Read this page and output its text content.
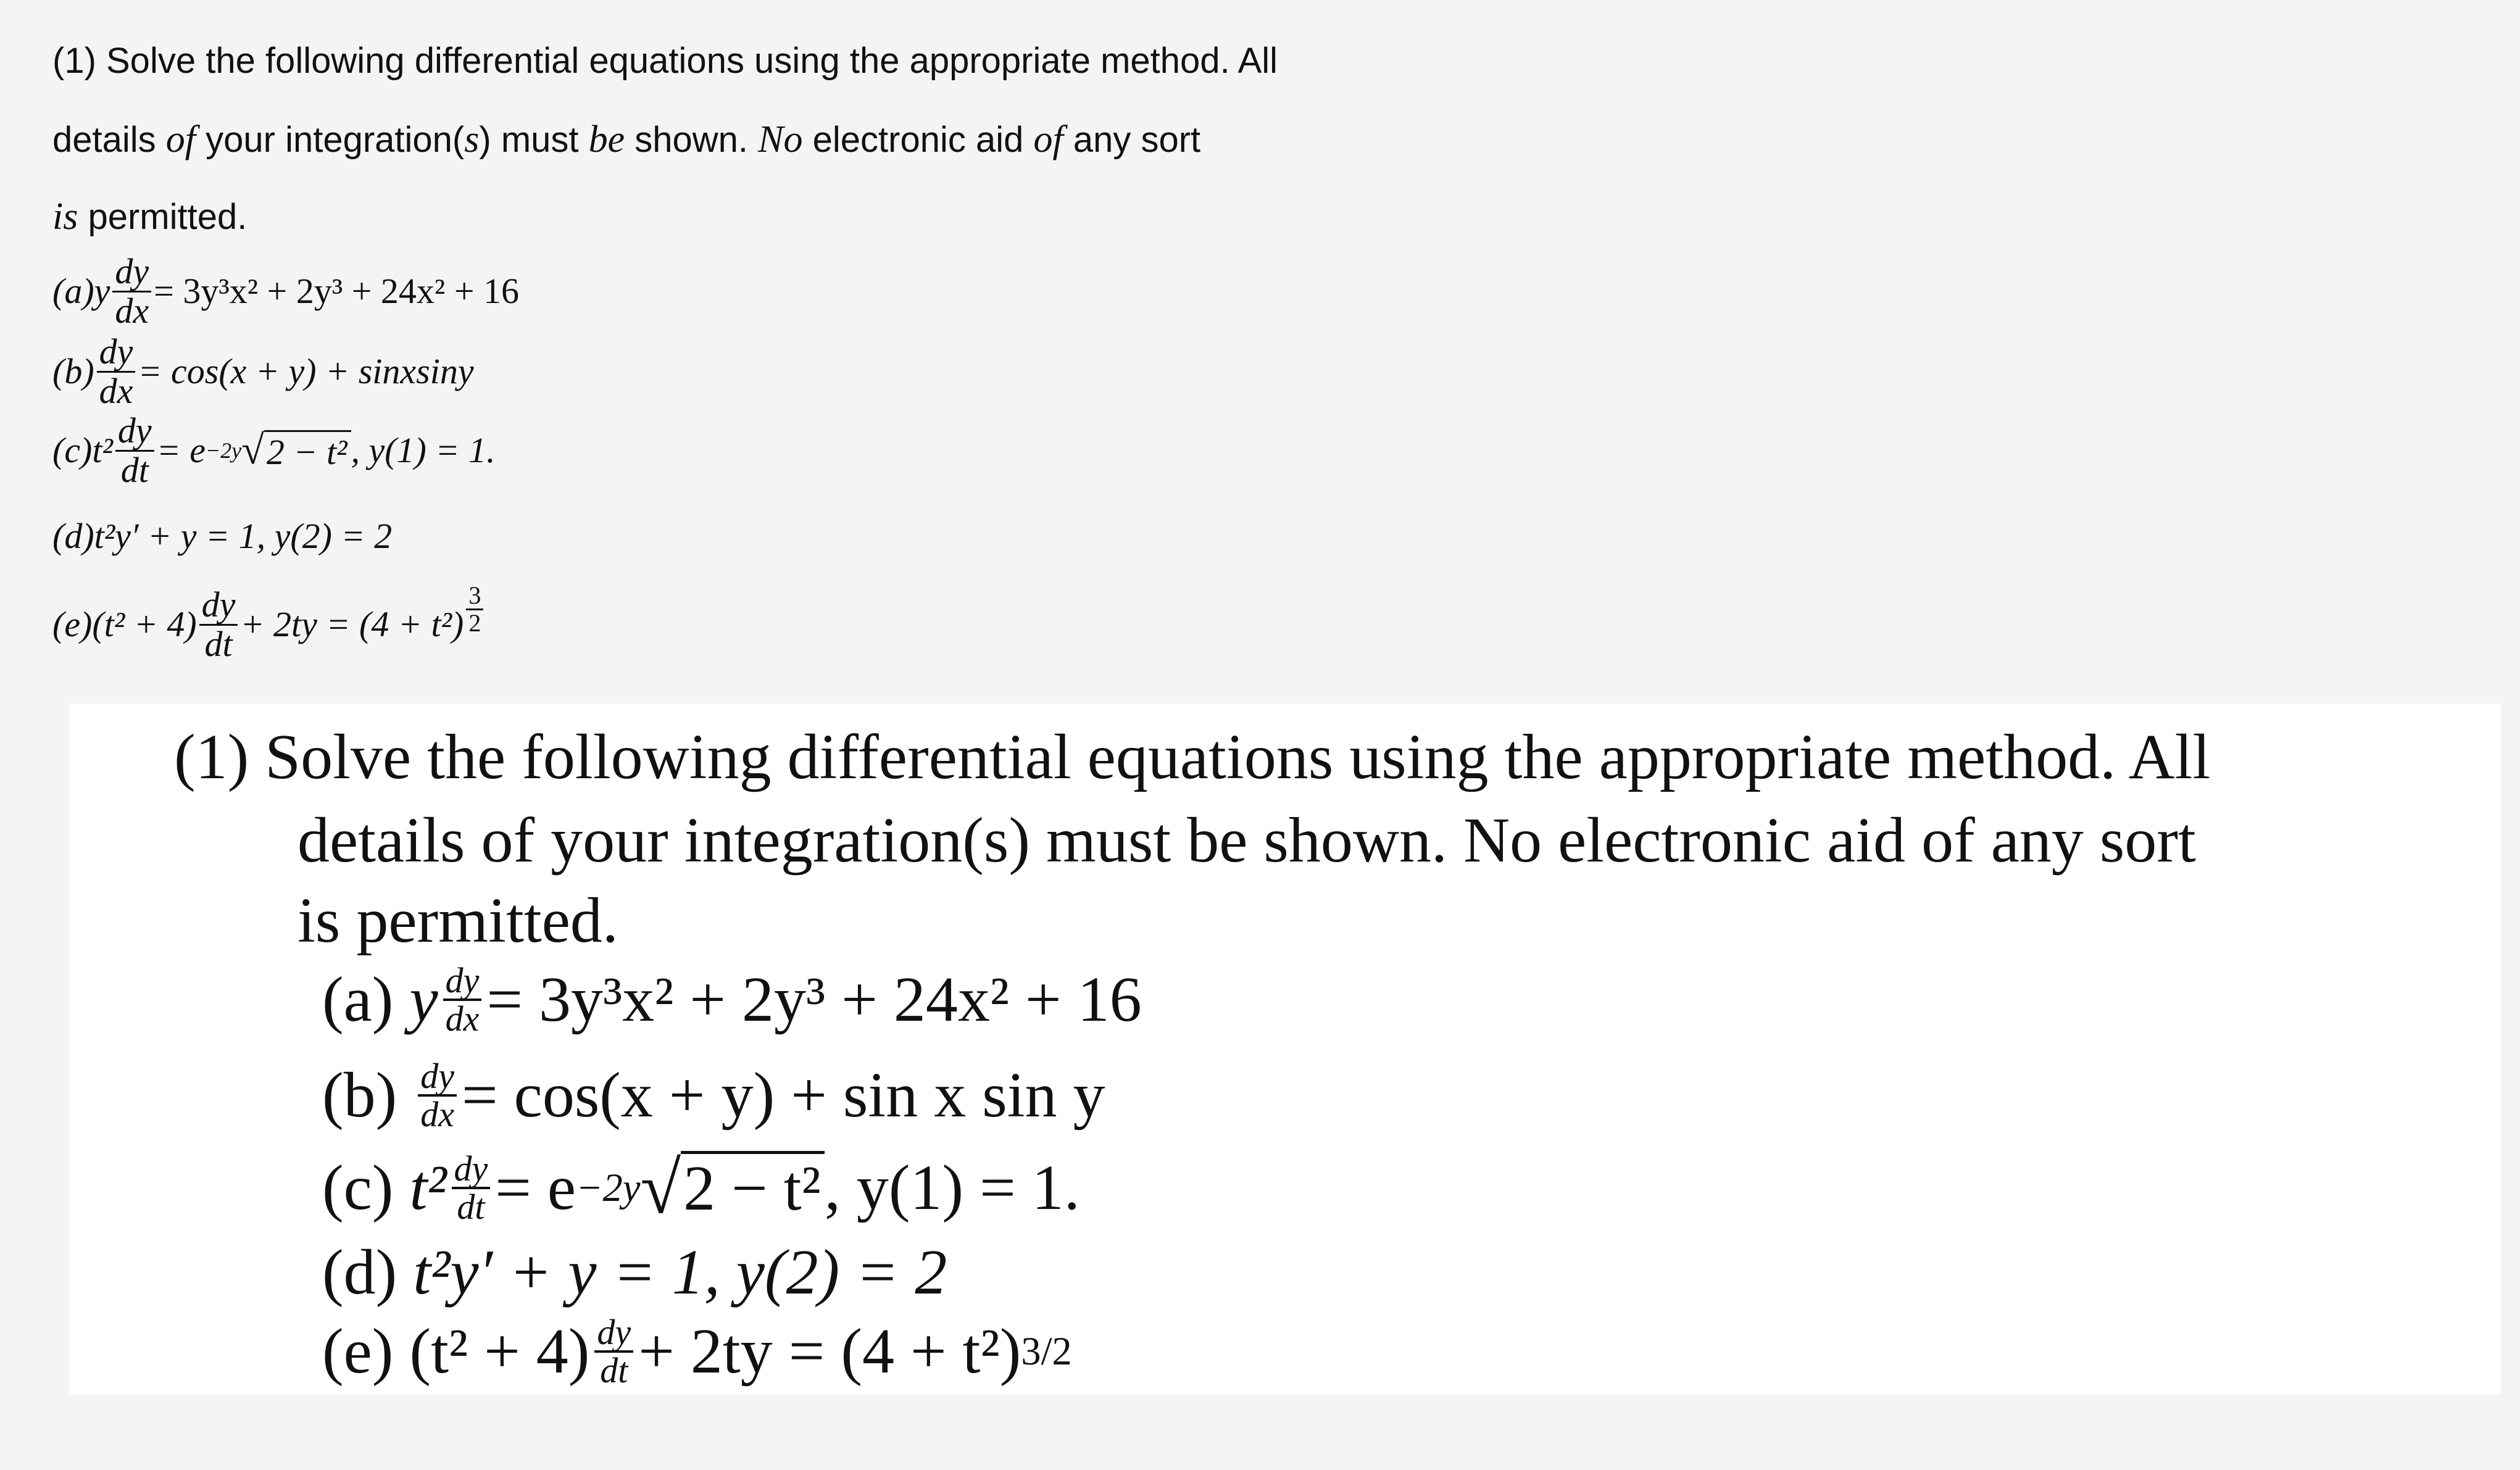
(1) Solve the following differential equations using the appropriate method. All
details of your integration(s) must be shown. No electronic aid of any sort
is permitted.
(a) y $\frac{dy}{dx} = 3y^3x^2 + 2y^3 + 24x^2 + 16$
$(b) \frac{dy}{dx} = \cos(x + y)$ + sinxsiny
(c) $t^2 \frac{dy}{dt} = e -2y$ √ 2 − t² , y(1) = 1.
(d) t²y′ + y = 1, y(2) = 2
(e) $(t^2 + 4) \frac{dy}{dt} + 2ty = (4 + t^2) \frac{3}{2}$
(1) Solve the following differential equations using the appropriate method. All
details of your integration(s) must be shown. No electronic aid of any sort
is permitted.
(a)
y $\frac{dy}{dx} = 3y^3x^2 + 2y^3 + 24x^2 + 16$
(b)
$\frac{dy}{dx} = \cos(x + y) + \sin x$ sin y
(c)
$t^2 \frac{dy}{dt} = e -2y$ √ 2 − t² , y(1) = 1.
(d)
t²y′ + y = 1, y(2) = 2
(e)
$(t^2 + 4) \frac{dy}{dt} + 2ty = (4 + t^2)$ 3/2
